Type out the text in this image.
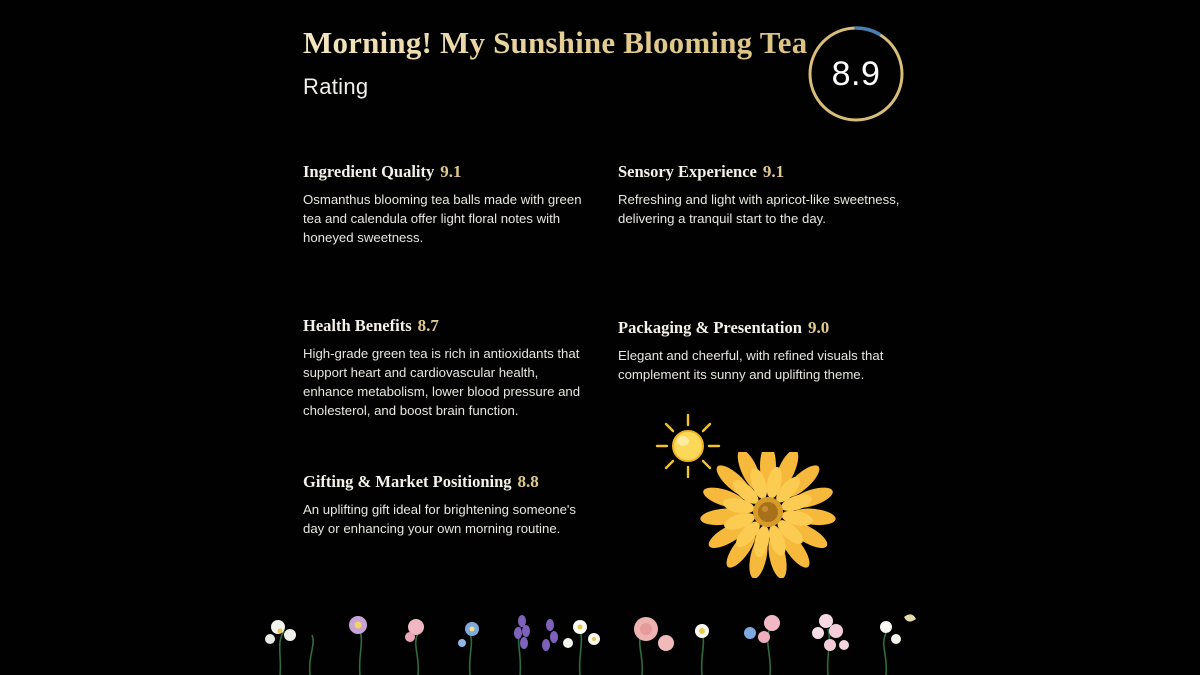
Morning! My Sunshine Blooming Tea
Rating	8.9
Ingredient Quality 9.1
Osmanthus blooming tea balls made with green tea and calendula offer light floral notes with honeyed sweetness.
Sensory Experience 9.1
Refreshing and light with apricot-like sweetness, delivering a tranquil start to the day.
Health Benefits 8.7
High-grade green tea is rich in antioxidants that support heart and cardiovascular health, enhance metabolism, lower blood pressure and cholesterol, and boost brain function.
Packaging & Presentation 9.0
Elegant and cheerful, with refined visuals that complement its sunny and uplifting theme.
Gifting & Market Positioning 8.8
An uplifting gift ideal for brightening someone's day or enhancing your own morning routine.
